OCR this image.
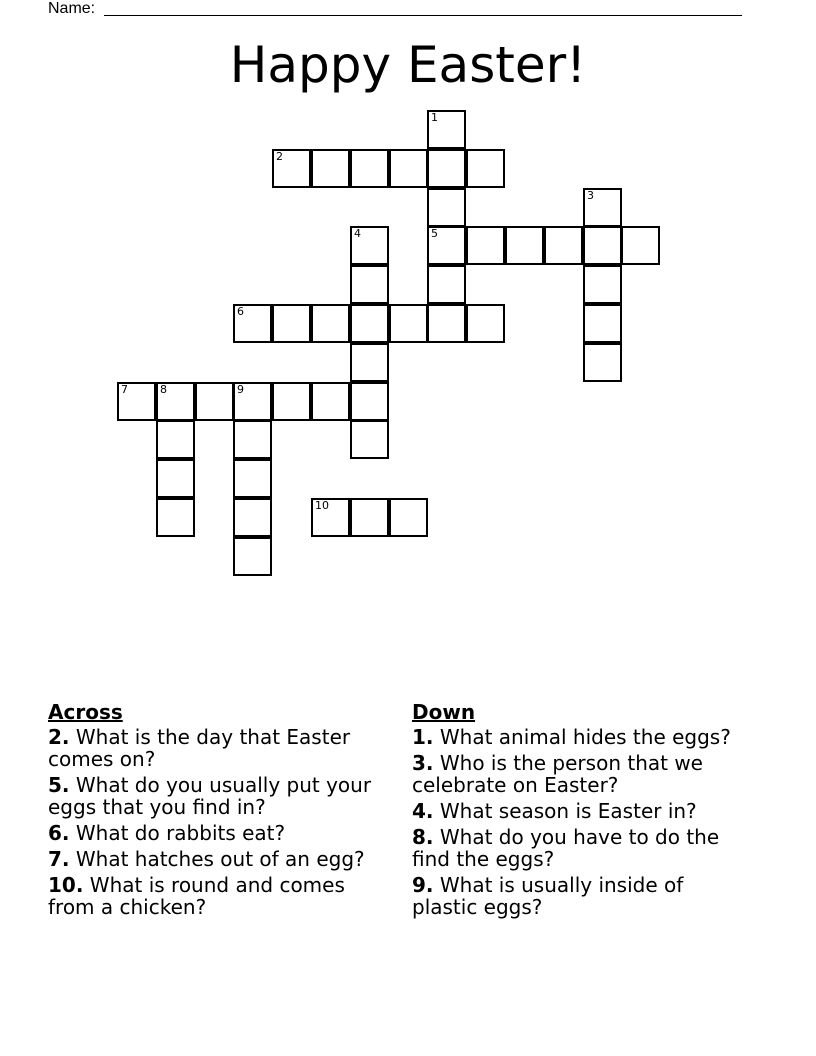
Name:
Happy Easter!
1
5
2
3
4
6
7	8	9
10
Across
2. What is the day that Easter comes on?
5. What do you usually put your eggs that you find in?
6. What do rabbits eat?
7. What hatches out of an egg?
10. What is round and comes from a chicken?
Down
1. What animal hides the eggs?
3. Who is the person that we celebrate on Easter?
4. What season is Easter in?
8. What do you have to do the find the eggs?
9. What is usually inside of plastic eggs?
